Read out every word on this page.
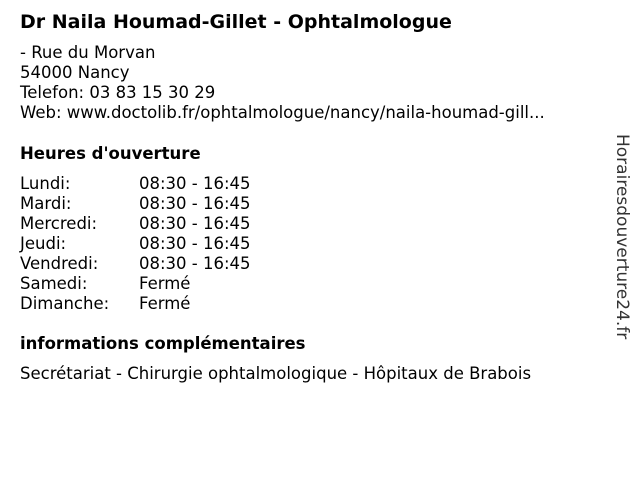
Dr Naila Houmad-Gillet - Ophtalmologue
- Rue du Morvan
54000 Nancy
Telefon: 03 83 15 30 29
Web: www.doctolib.fr/ophtalmologue/nancy/naila-houmad-gill...
Heures d'ouverture
Lundi:	08:30 - 16:45
Mardi:	08:30 - 16:45
Mercredi:	08:30 - 16:45
Jeudi:	08:30 - 16:45
Vendredi: 08:30 - 16:45
Samedi:	Fermé
Dimanche: Fermé
informations complémentaires
Secrétariat - Chirurgie ophtalmologique - Hôpitaux de Brabois
Horairesdouverture24.fr
